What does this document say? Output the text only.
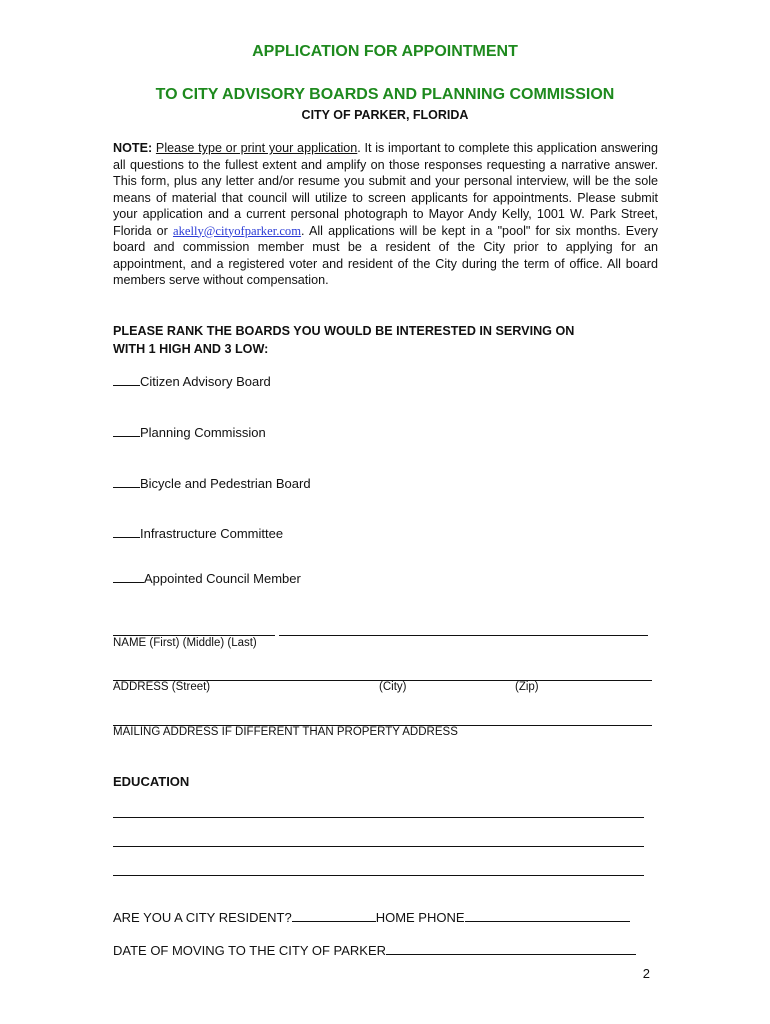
APPLICATION FOR APPOINTMENT
TO CITY ADVISORY BOARDS AND PLANNING COMMISSION
CITY OF PARKER, FLORIDA
NOTE: Please type or print your application. It is important to complete this application answering all questions to the fullest extent and amplify on those responses requesting a narrative answer. This form, plus any letter and/or resume you submit and your personal interview, will be the sole means of material that council will utilize to screen applicants for appointments. Please submit your application and a current personal photograph to Mayor Andy Kelly, 1001 W. Park Street, Florida or akelly@cityofparker.com. All applications will be kept in a "pool" for six months. Every board and commission member must be a resident of the City prior to applying for an appointment, and a registered voter and resident of the City during the term of office. All board members serve without compensation.
PLEASE RANK THE BOARDS YOU WOULD BE INTERESTED IN SERVING ON
WITH 1 HIGH AND 3 LOW:
Citizen Advisory Board
Planning Commission
Bicycle and Pedestrian Board
Infrastructure Committee
Appointed Council Member
NAME (First) (Middle) (Last)
ADDRESS (Street)	(City)	(Zip)
MAILING ADDRESS IF DIFFERENT THAN PROPERTY ADDRESS
EDUCATION
ARE YOU A CITY RESIDENT?	HOME PHONE
DATE OF MOVING TO THE CITY OF PARKER
2
